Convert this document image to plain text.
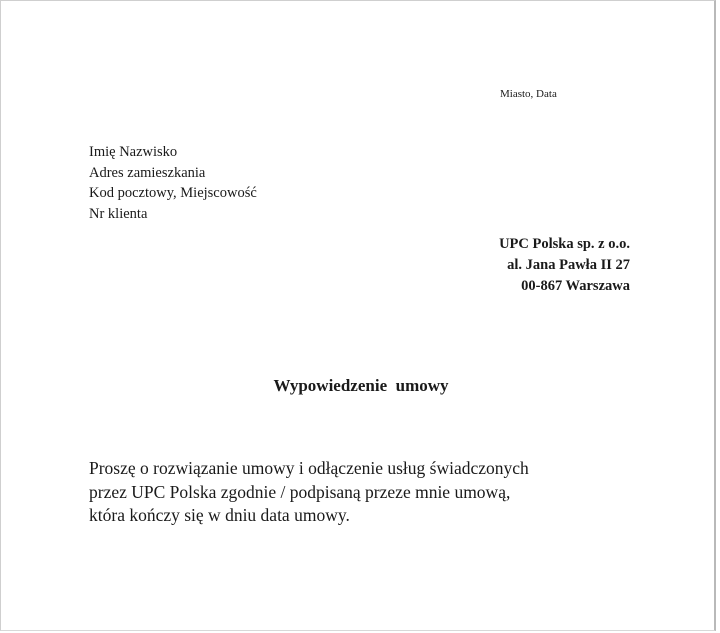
Miasto, Data
Imię Nazwisko
Adres zamieszkania
Kod pocztowy, Miejscowość
Nr klienta
UPC Polska sp. z o.o.
al. Jana Pawła II 27
00-867 Warszawa
Wypowiedzenie  umowy
Proszę o rozwiązanie umowy i odłączenie usług świadczonych
przez UPC Polska zgodnie / podpisaną przeze mnie umową,
która kończy się w dniu data umowy.
